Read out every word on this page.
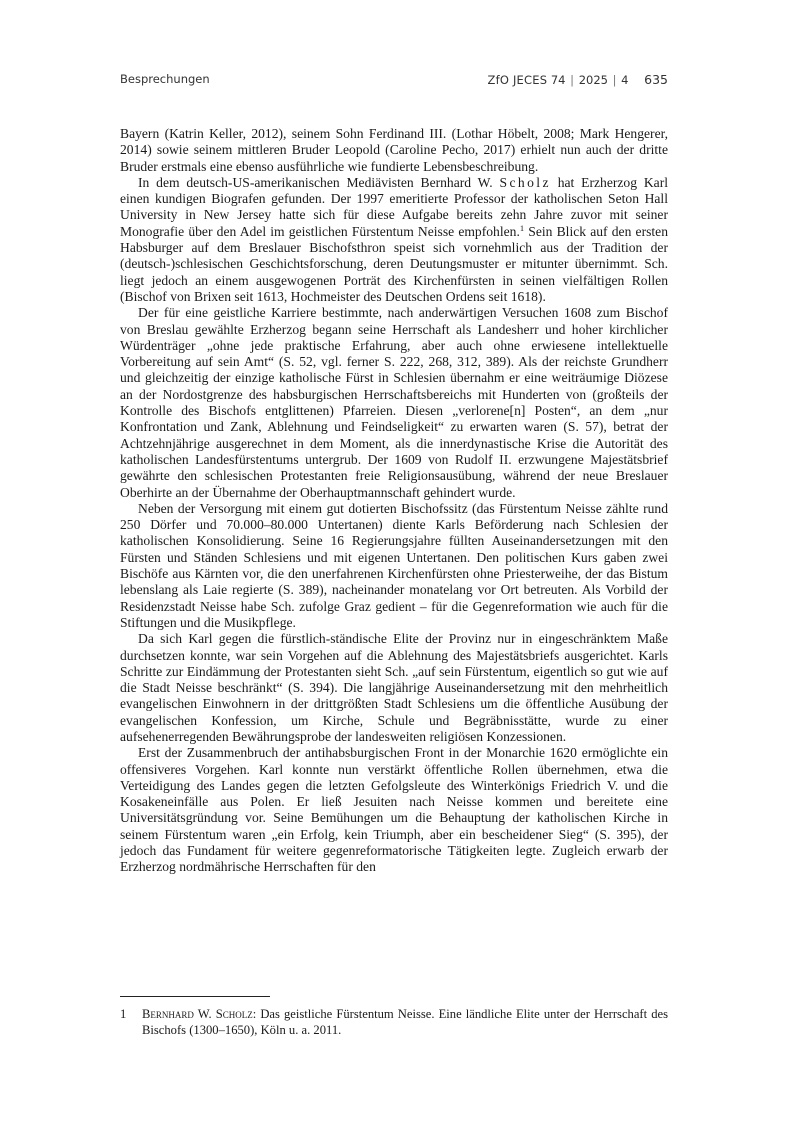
Besprechungen	ZfO JECES 74 | 2025 | 4 635

Bayern (Katrin Keller, 2012), seinem Sohn Ferdinand III. (Lothar Höbelt, 2008; Mark Hengerer, 2014) sowie seinem mittleren Bruder Leopold (Caroline Pecho, 2017) erhielt nun auch der dritte Bruder erstmals eine ebenso ausführliche wie fundierte Lebensbeschreibung.

In dem deutsch-US-amerikanischen Mediävisten Bernhard W. Scholz hat Erzherzog Karl einen kundigen Biografen gefunden. Der 1997 emeritierte Professor der katholischen Seton Hall University in New Jersey hatte sich für diese Aufgabe bereits zehn Jahre zuvor mit seiner Monografie über den Adel im geistlichen Fürstentum Neisse empfohlen.$^1$ Sein Blick auf den ersten Habsburger auf dem Breslauer Bischofsthron speist sich vornehmlich aus der Tradition der (deutsch-)schlesischen Geschichtsforschung, deren Deutungsmuster er mitunter übernimmt. Sch. liegt jedoch an einem ausgewogenen Porträt des Kirchenfürsten in seinen vielfältigen Rollen (Bischof von Brixen seit 1613, Hochmeister des Deutschen Ordens seit 1618).

Der für eine geistliche Karriere bestimmte, nach anderwärtigen Versuchen 1608 zum Bischof von Breslau gewählte Erzherzog begann seine Herrschaft als Landesherr und hoher kirchlicher Würdenträger „ohne jede praktische Erfahrung, aber auch ohne erwiesene intellektuelle Vorbereitung auf sein Amt“ (S. 52, vgl. ferner S. 222, 268, 312, 389). Als der reichste Grundherr und gleichzeitig der einzige katholische Fürst in Schlesien übernahm er eine weiträumige Diözese an der Nordostgrenze des habsburgischen Herrschaftsbereichs mit Hunderten von (großteils der Kontrolle des Bischofs entglittenen) Pfarreien. Diesen „verlorene[n] Posten“, an dem „nur Konfrontation und Zank, Ablehnung und Feindseligkeit“ zu erwarten waren (S. 57), betrat der Achtzehnjährige ausgerechnet in dem Moment, als die innerdynastische Krise die Autorität des katholischen Landesfürstentums untergrub. Der 1609 von Rudolf II. erzwungene Majestätsbrief gewährte den schlesischen Protestanten freie Religionsausübung, während der neue Breslauer Oberhirte an der Übernahme der Oberhauptmannschaft gehindert wurde.

Neben der Versorgung mit einem gut dotierten Bischofssitz (das Fürstentum Neisse zählte rund 250 Dörfer und 70.000–80.000 Untertanen) diente Karls Beförderung nach Schlesien der katholischen Konsolidierung. Seine 16 Regierungsjahre füllten Auseinandersetzungen mit den Fürsten und Ständen Schlesiens und mit eigenen Untertanen. Den politischen Kurs gaben zwei Bischöfe aus Kärnten vor, die den unerfahrenen Kirchenfürsten ohne Priesterweihe, der das Bistum lebenslang als Laie regierte (S. 389), nacheinander monatelang vor Ort betreuten. Als Vorbild der Residenzstadt Neisse habe Sch. zufolge Graz gedient – für die Gegenreformation wie auch für die Stiftungen und die Musikpflege.

Da sich Karl gegen die fürstlich-ständische Elite der Provinz nur in eingeschränktem Maße durchsetzen konnte, war sein Vorgehen auf die Ablehnung des Majestätsbriefs ausgerichtet. Karls Schritte zur Eindämmung der Protestanten sieht Sch. „auf sein Fürstentum, eigentlich so gut wie auf die Stadt Neisse beschränkt“ (S. 394). Die langjährige Auseinandersetzung mit den mehrheitlich evangelischen Einwohnern in der drittgrößten Stadt Schlesiens um die öffentliche Ausübung der evangelischen Konfession, um Kirche, Schule und Begräbnisstätte, wurde zu einer aufsehenerregenden Bewährungsprobe der landesweiten religiösen Konzessionen.

Erst der Zusammenbruch der antihabsburgischen Front in der Monarchie 1620 ermöglichte ein offensiveres Vorgehen. Karl konnte nun verstärkt öffentliche Rollen übernehmen, etwa die Verteidigung des Landes gegen die letzten Gefolgsleute des Winterkönigs Friedrich V. und die Kosakeneinfälle aus Polen. Er ließ Jesuiten nach Neisse kommen und bereitete eine Universitätsgründung vor. Seine Bemühungen um die Behauptung der katholischen Kirche in seinem Fürstentum waren „ein Erfolg, kein Triumph, aber ein bescheidener Sieg“ (S. 395), der jedoch das Fundament für weitere gegenreformatorische Tätigkeiten legte. Zugleich erwarb der Erzherzog nordmährische Herrschaften für den

1 Bernhard W. Scholz: Das geistliche Fürstentum Neisse. Eine ländliche Elite unter der Herrschaft des Bischofs (1300–1650), Köln u. a. 2011.
